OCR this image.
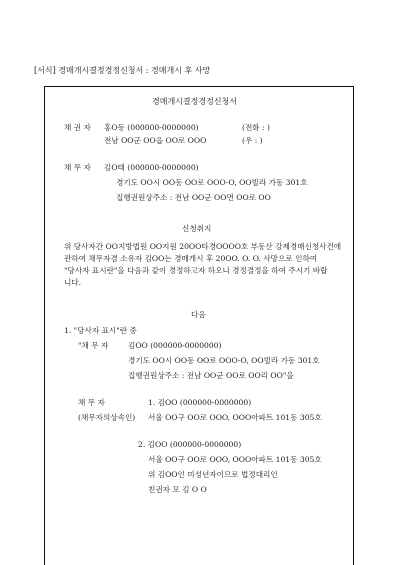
[서식] 경매개시결정경정신청서 : 경매개시 후 사망
경매개시결정경정신청서
채 권 자 홍O동 (000000-0000000)	(전화 : )
전남 OO군 OO읍 OO로 OOO	(우 : )
채 무 자 김O태 (000000-0000000)
경기도 OO시 OO동 OO로 OOO-O, OO빌라 가동 301호
집행권원상주소 : 전남 OO군 OO면 OO로 OO
신청취지
위 당사자간 OO지방법원 OO지원 20OO타경OOOO호 부동산 강제경매신청사건에
관하여 채무자겸 소유자 김OO는 경매개시 후 20OO. O. O. 사망으로 인하여
"당사자 표시란"을 다음과 같이 경정하고자 하오니 경정결정을 하여 주시기 바랍
니다.
다음
1. "당사자 표시"란 중
"채 무 자	김OO (000000-0000000)
경기도 OO시 OO동 OO로 OOO-O, OO빌라 가동 301호
집행권원상주소 : 전남 OO군 OO로 OO리 OO"을
채 무 자	1. 김OO (000000-0000000)
(채무자의상속인) 서울 OO구 OO로 OOO, OOO아파트 101동 305호
2. 김OO (000000-0000000)
서울 OO구 OO로 OOO, OOO아파트 101동 305호
위 김OO인 미성년자이므로 법정대리인
친권자 모 김 O O
